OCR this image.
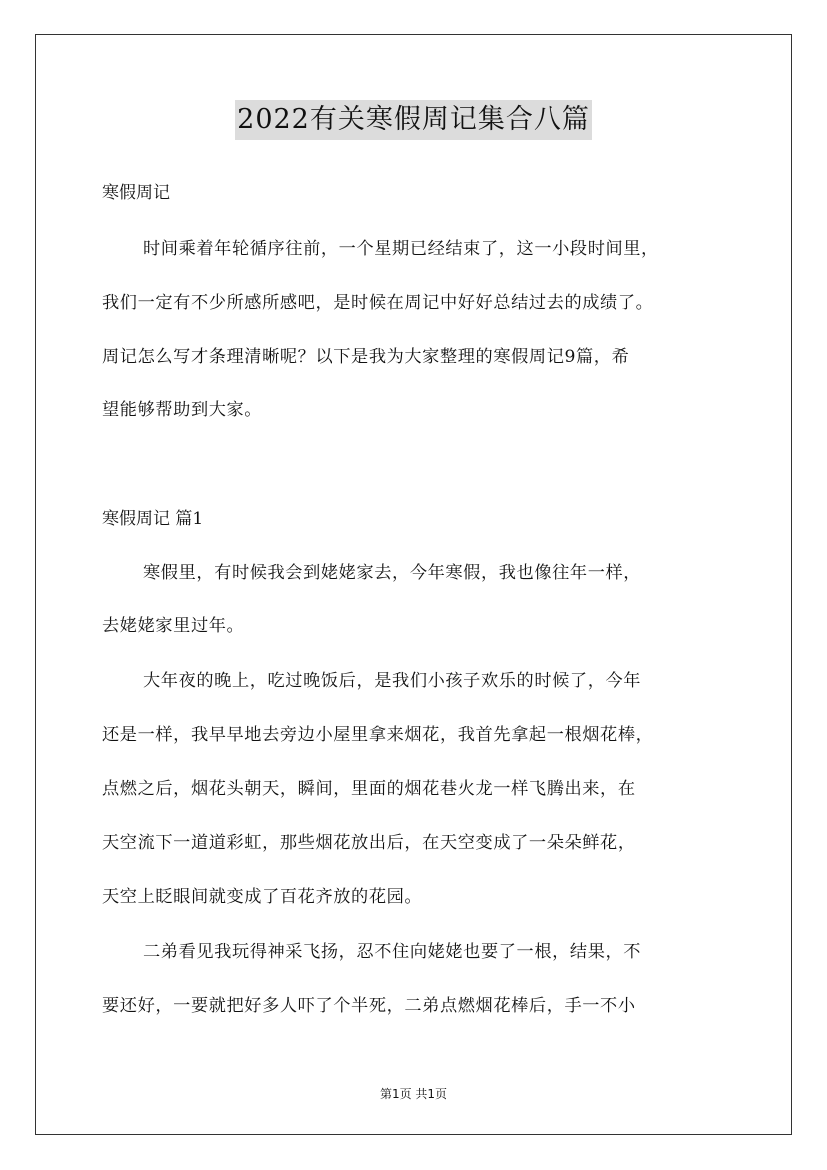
2022有关寒假周记集合八篇
寒假周记
时间乘着年轮循序往前，一个星期已经结束了，这一小段时间里，
我们一定有不少所感所感吧，是时候在周记中好好总结过去的成绩了。
周记怎么写才条理清晰呢？以下是我为大家整理的寒假周记9篇，希
望能够帮助到大家。
寒假周记 篇1
寒假里，有时候我会到姥姥家去，今年寒假，我也像往年一样，
去姥姥家里过年。
大年夜的晚上，吃过晚饭后，是我们小孩子欢乐的时候了，今年
还是一样，我早早地去旁边小屋里拿来烟花，我首先拿起一根烟花棒，
点燃之后，烟花头朝天，瞬间，里面的烟花巷火龙一样飞腾出来，在
天空流下一道道彩虹，那些烟花放出后，在天空变成了一朵朵鲜花，
天空上眨眼间就变成了百花齐放的花园。
二弟看见我玩得神采飞扬，忍不住向姥姥也要了一根，结果，不
要还好，一要就把好多人吓了个半死，二弟点燃烟花棒后，手一不小
第1页 共1页
